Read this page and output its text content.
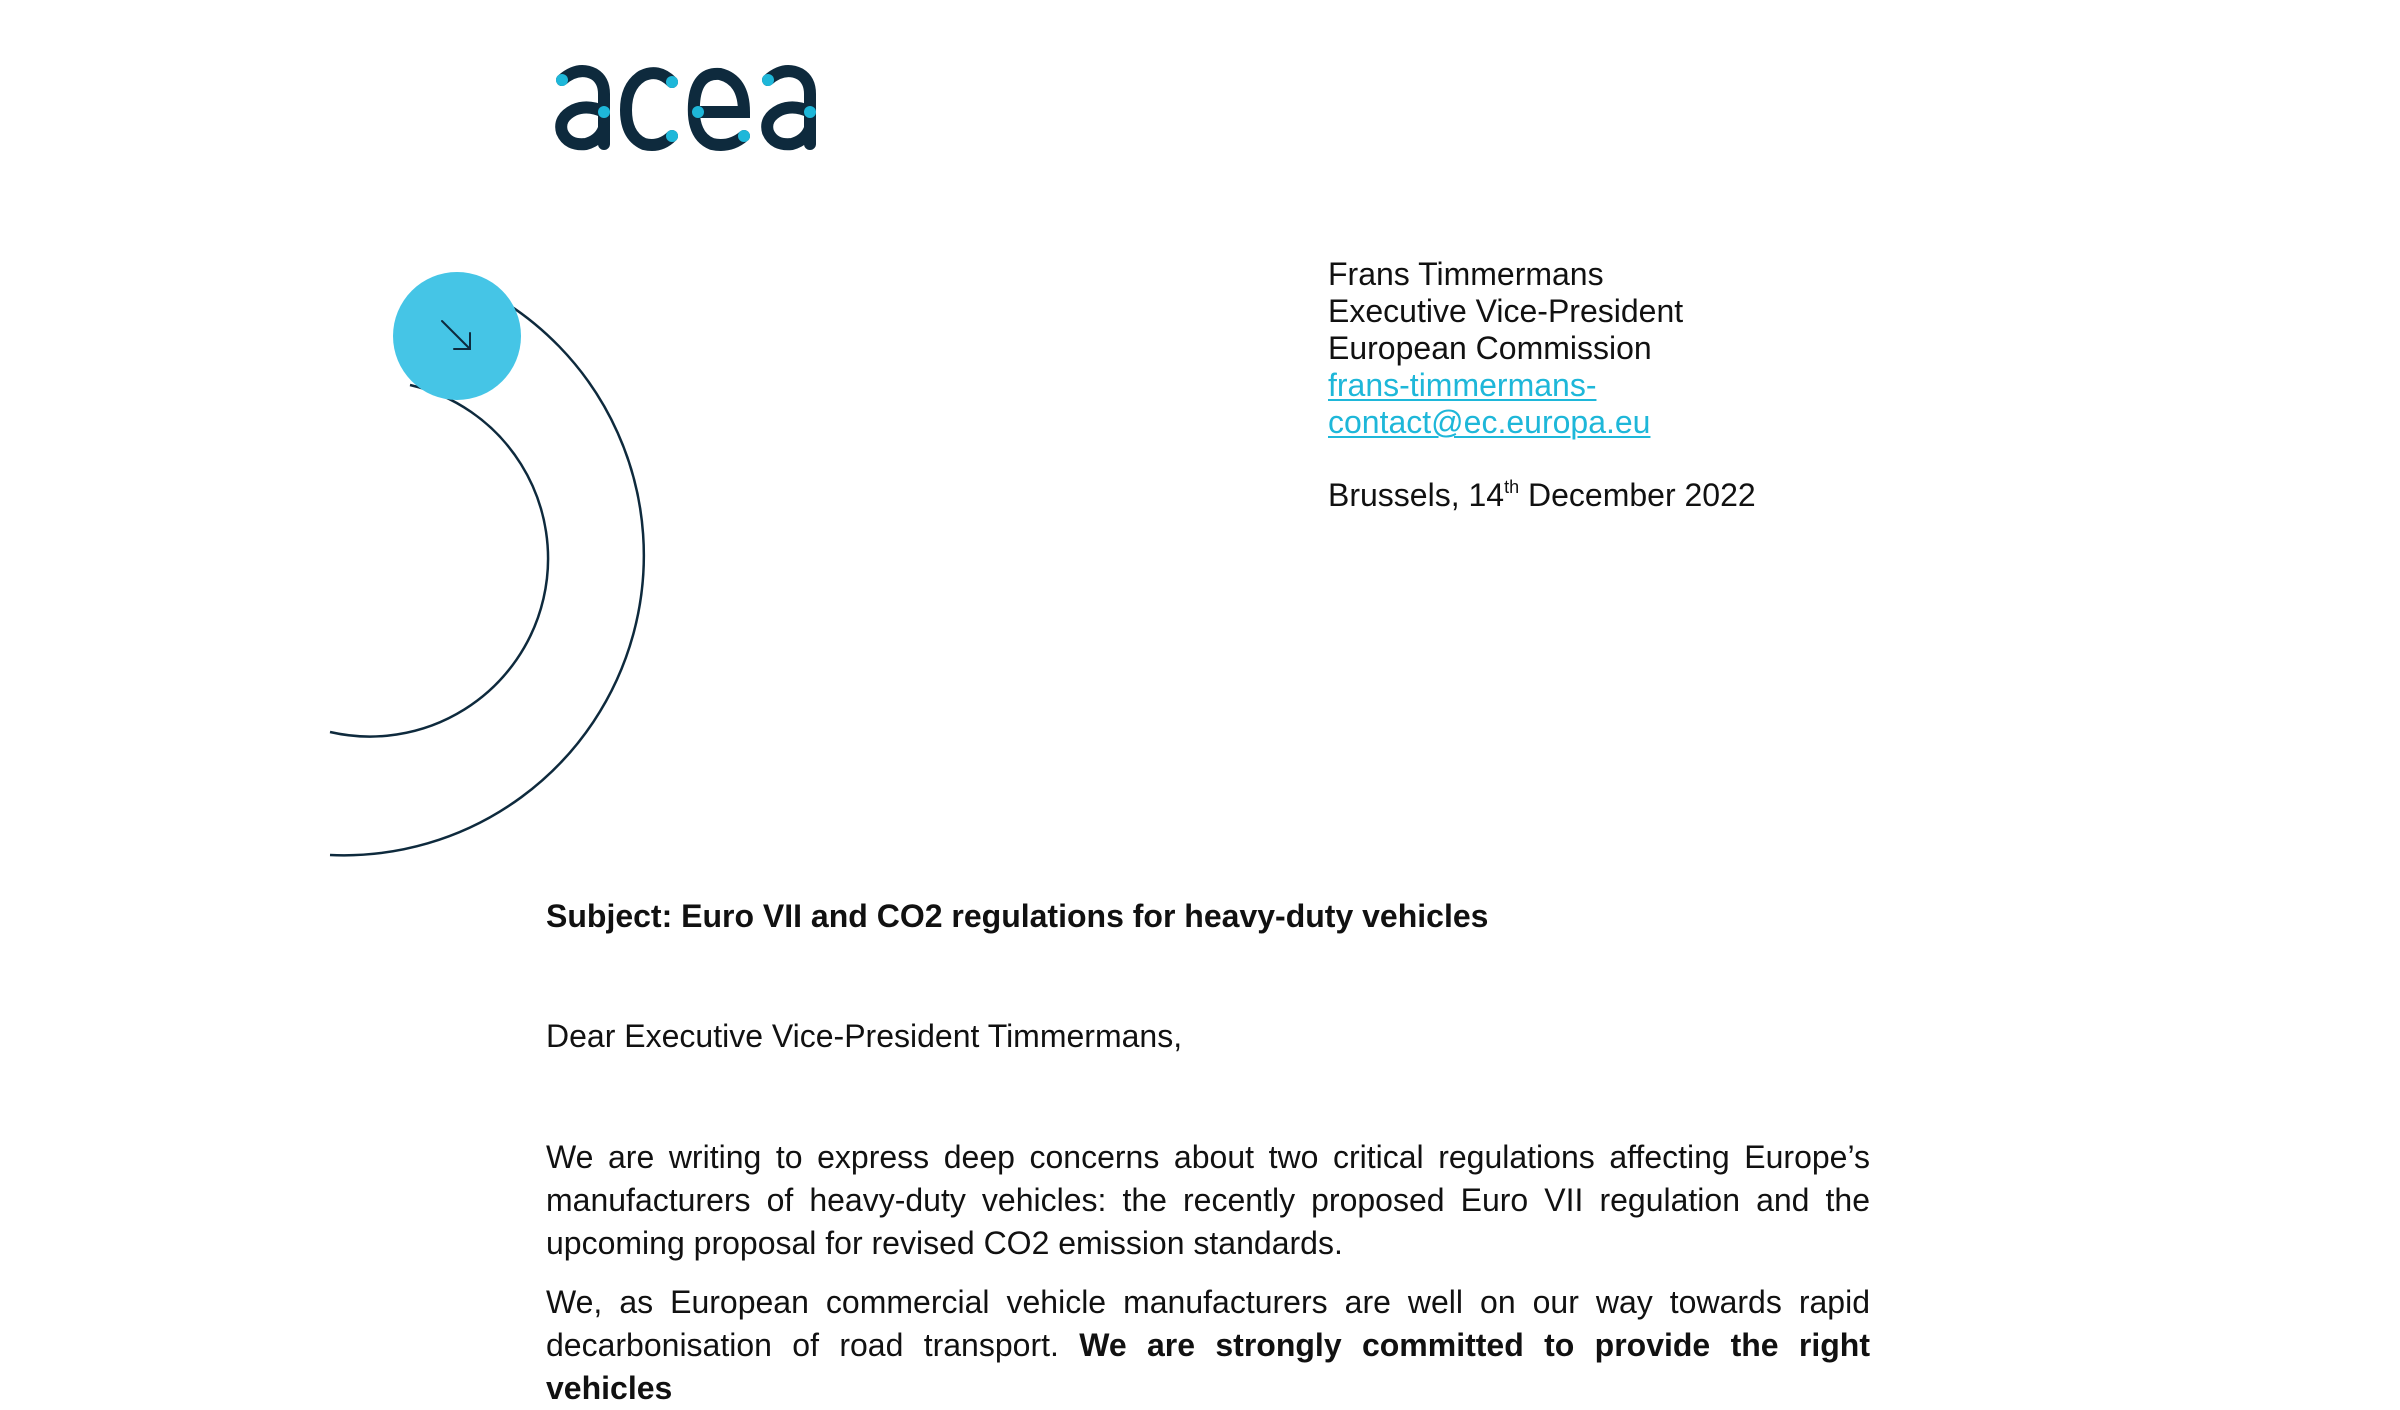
Frans Timmermans
Executive Vice-President
European Commission
frans-timmermans-
contact@ec.europa.eu
Brussels, 14th December 2022
Subject: Euro VII and CO2 regulations for heavy-duty vehicles
Dear Executive Vice-President Timmermans,

We are writing to express deep concerns about two critical regulations affecting Europe’s manufacturers of heavy-duty vehicles: the recently proposed Euro VII regulation and the upcoming proposal for revised CO2 emission standards.

We, as European commercial vehicle manufacturers are well on our way towards rapid decarbonisation of road transport. We are strongly committed to provide the right vehicles
